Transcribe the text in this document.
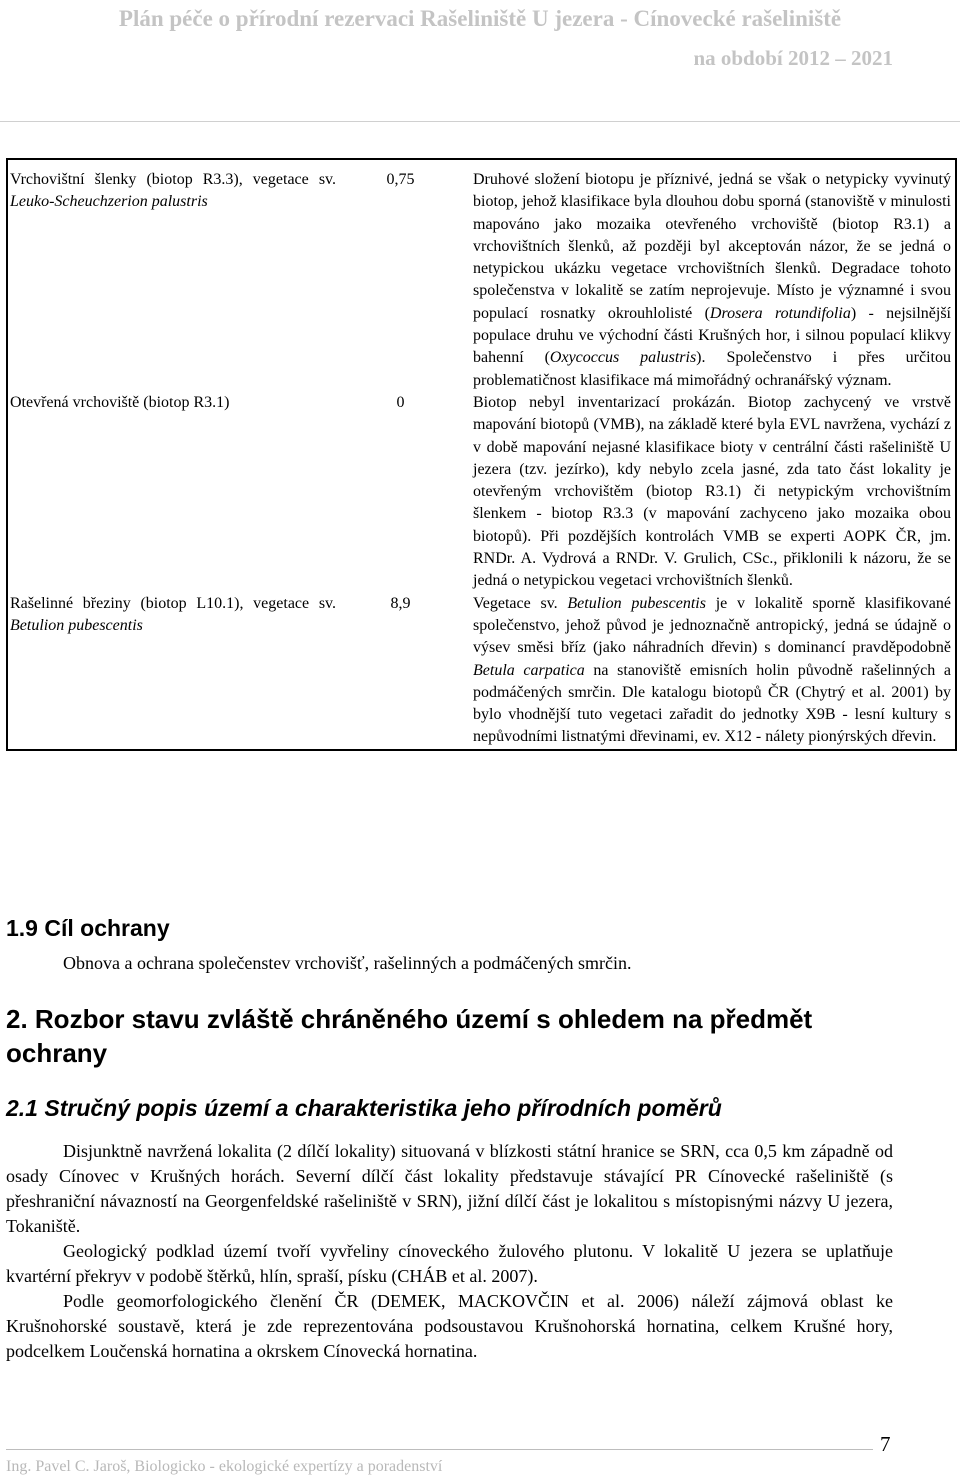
Plán péče o přírodní rezervaci Rašeliniště U jezera - Cínovecké rašeliniště
na období 2012 – 2021
Vrchovištní šlenky (biotop R3.3), vegetace sv. Leuko-Scheuchzerion palustris	0,75	Druhové složení biotopu je příznivé, jedná se však o netypicky vyvinutý biotop, jehož klasifikace byla dlouhou dobu sporná (stanoviště v minulosti mapováno jako mozaika otevřeného vrchoviště (biotop R3.1) a vrchovištních šlenků, až později byl akceptován názor, že se jedná o netypickou ukázku vegetace vrchovištních šlenků. Degradace tohoto společenstva v lokalitě se zatím neprojevuje. Místo je významné i svou populací rosnatky okrouhlolisté (Drosera rotundifolia) - nejsilnější populace druhu ve východní části Krušných hor, i silnou populací klikvy bahenní (Oxycoccus palustris). Společenstvo i přes určitou problematičnost klasifikace má mimořádný ochranářský význam.

Otevřená vrchoviště (biotop R3.1)	0	Biotop nebyl inventarizací prokázán. Biotop zachycený ve vrstvě mapování biotopů (VMB), na základě které byla EVL navržena, vychází z v době mapování nejasné klasifikace bioty v centrální části rašeliniště U jezera (tzv. jezírko), kdy nebylo zcela jasné, zda tato část lokality je otevřeným vrchovištěm (biotop R3.1) či netypickým vrchovištním šlenkem - biotop R3.3 (v mapování zachyceno jako mozaika obou biotopů). Při pozdějších kontrolách VMB se experti AOPK ČR, jm. RNDr. A. Vydrová a RNDr. V. Grulich, CSc., přiklonili k názoru, že se jedná o netypickou vegetaci vrchovištních šlenků.

Rašelinné březiny (biotop L10.1), vegetace sv. Betulion pubescentis	8,9	Vegetace sv. Betulion pubescentis je v lokalitě sporně klasifikované společenstvo, jehož původ je jednoznačně antropický, jedná se údajně o výsev směsi bříz (jako náhradních dřevin) s dominancí pravděpodobně Betula carpatica na stanoviště emisních holin původně rašelinných a podmáčených smrčin. Dle katalogu biotopů ČR (Chytrý et al. 2001) by bylo vhodnější tuto vegetaci zařadit do jednotky X9B - lesní kultury s nepůvodními listnatými dřevinami, ev. X12 - nálety pionýrských dřevin.
1.9 Cíl ochrany
Obnova a ochrana společenstev vrchovišť, rašelinných a podmáčených smrčin.
2. Rozbor stavu zvláště chráněného území s ohledem na předmět ochrany
2.1 Stručný popis území a charakteristika jeho přírodních poměrů

Disjunktně navržená lokalita (2 dílčí lokality) situovaná v blízkosti státní hranice se SRN, cca 0,5 km západně od osady Cínovec v Krušných horách. Severní dílčí část lokality představuje stávající PR Cínovecké rašeliniště (s přeshraniční návazností na Georgenfeldské rašeliniště v SRN), jižní dílčí část je lokalitou s místopisnými názvy U jezera, Tokaniště.

Geologický podklad území tvoří vyvřeliny cínoveckého žulového plutonu. V lokalitě U jezera se uplatňuje kvartérní překryv v podobě štěrků, hlín, spraší, písku (CHÁB et al. 2007).

Podle geomorfologického členění ČR (DEMEK, MACKOVČIN et al. 2006) náleží zájmová oblast ke Krušnohorské soustavě, která je zde reprezentována podsoustavou Krušnohorská hornatina, celkem Krušné hory, podcelkem Loučenská hornatina a okrskem Cínovecká hornatina.

Ing. Pavel C. Jaroš, Biologicko - ekologické expertízy a poradenství
7
